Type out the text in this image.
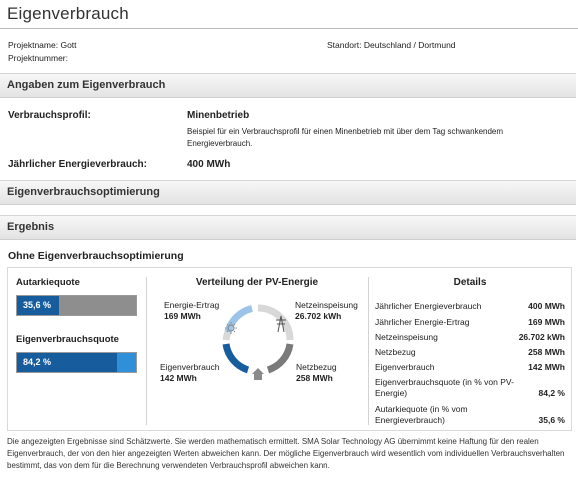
Eigenverbrauch
Projektname: Gott
Projektnummer:
Standort: Deutschland / Dortmund
Angaben zum Eigenverbrauch
Verbrauchsprofil:	Minenbetrieb
Beispiel für ein Verbrauchsprofil für einen Minenbetrieb mit über dem Tag schwankendem Energieverbrauch.
Jährlicher Energieverbrauch:	400 MWh
Eigenverbrauchsoptimierung
Ergebnis
Ohne Eigenverbrauchsoptimierung
Autarkiequote
35,6 %
Eigenverbrauchsquote
84,2 %
Verteilung der PV-Energie
Energie-Ertrag
169 MWh
Netzeinspeisung
26.702 kWh
Eigenverbrauch
142 MWh
Netzbezug
258 MWh
Details
Jährlicher Energieverbrauch	400 MWh
Jährlicher Energie-Ertrag	169 MWh
Netzeinspeisung	26.702 kWh
Netzbezug	258 MWh
Eigenverbrauch	142 MWh
Eigenverbrauchsquote (in % von PV-Energie)	84,2 %
Autarkiequote (in % vom Energieverbrauch)	35,6 %
Die angezeigten Ergebnisse sind Schätzwerte. Sie werden mathematisch ermittelt. SMA Solar Technology AG übernimmt keine Haftung für den realen Eigenverbrauch, der von den hier angezeigten Werten abweichen kann. Der mögliche Eigenverbrauch wird wesentlich vom individuellen Verbrauchsverhalten bestimmt, das von dem für die Berechnung verwendeten Verbrauchsprofil abweichen kann.
